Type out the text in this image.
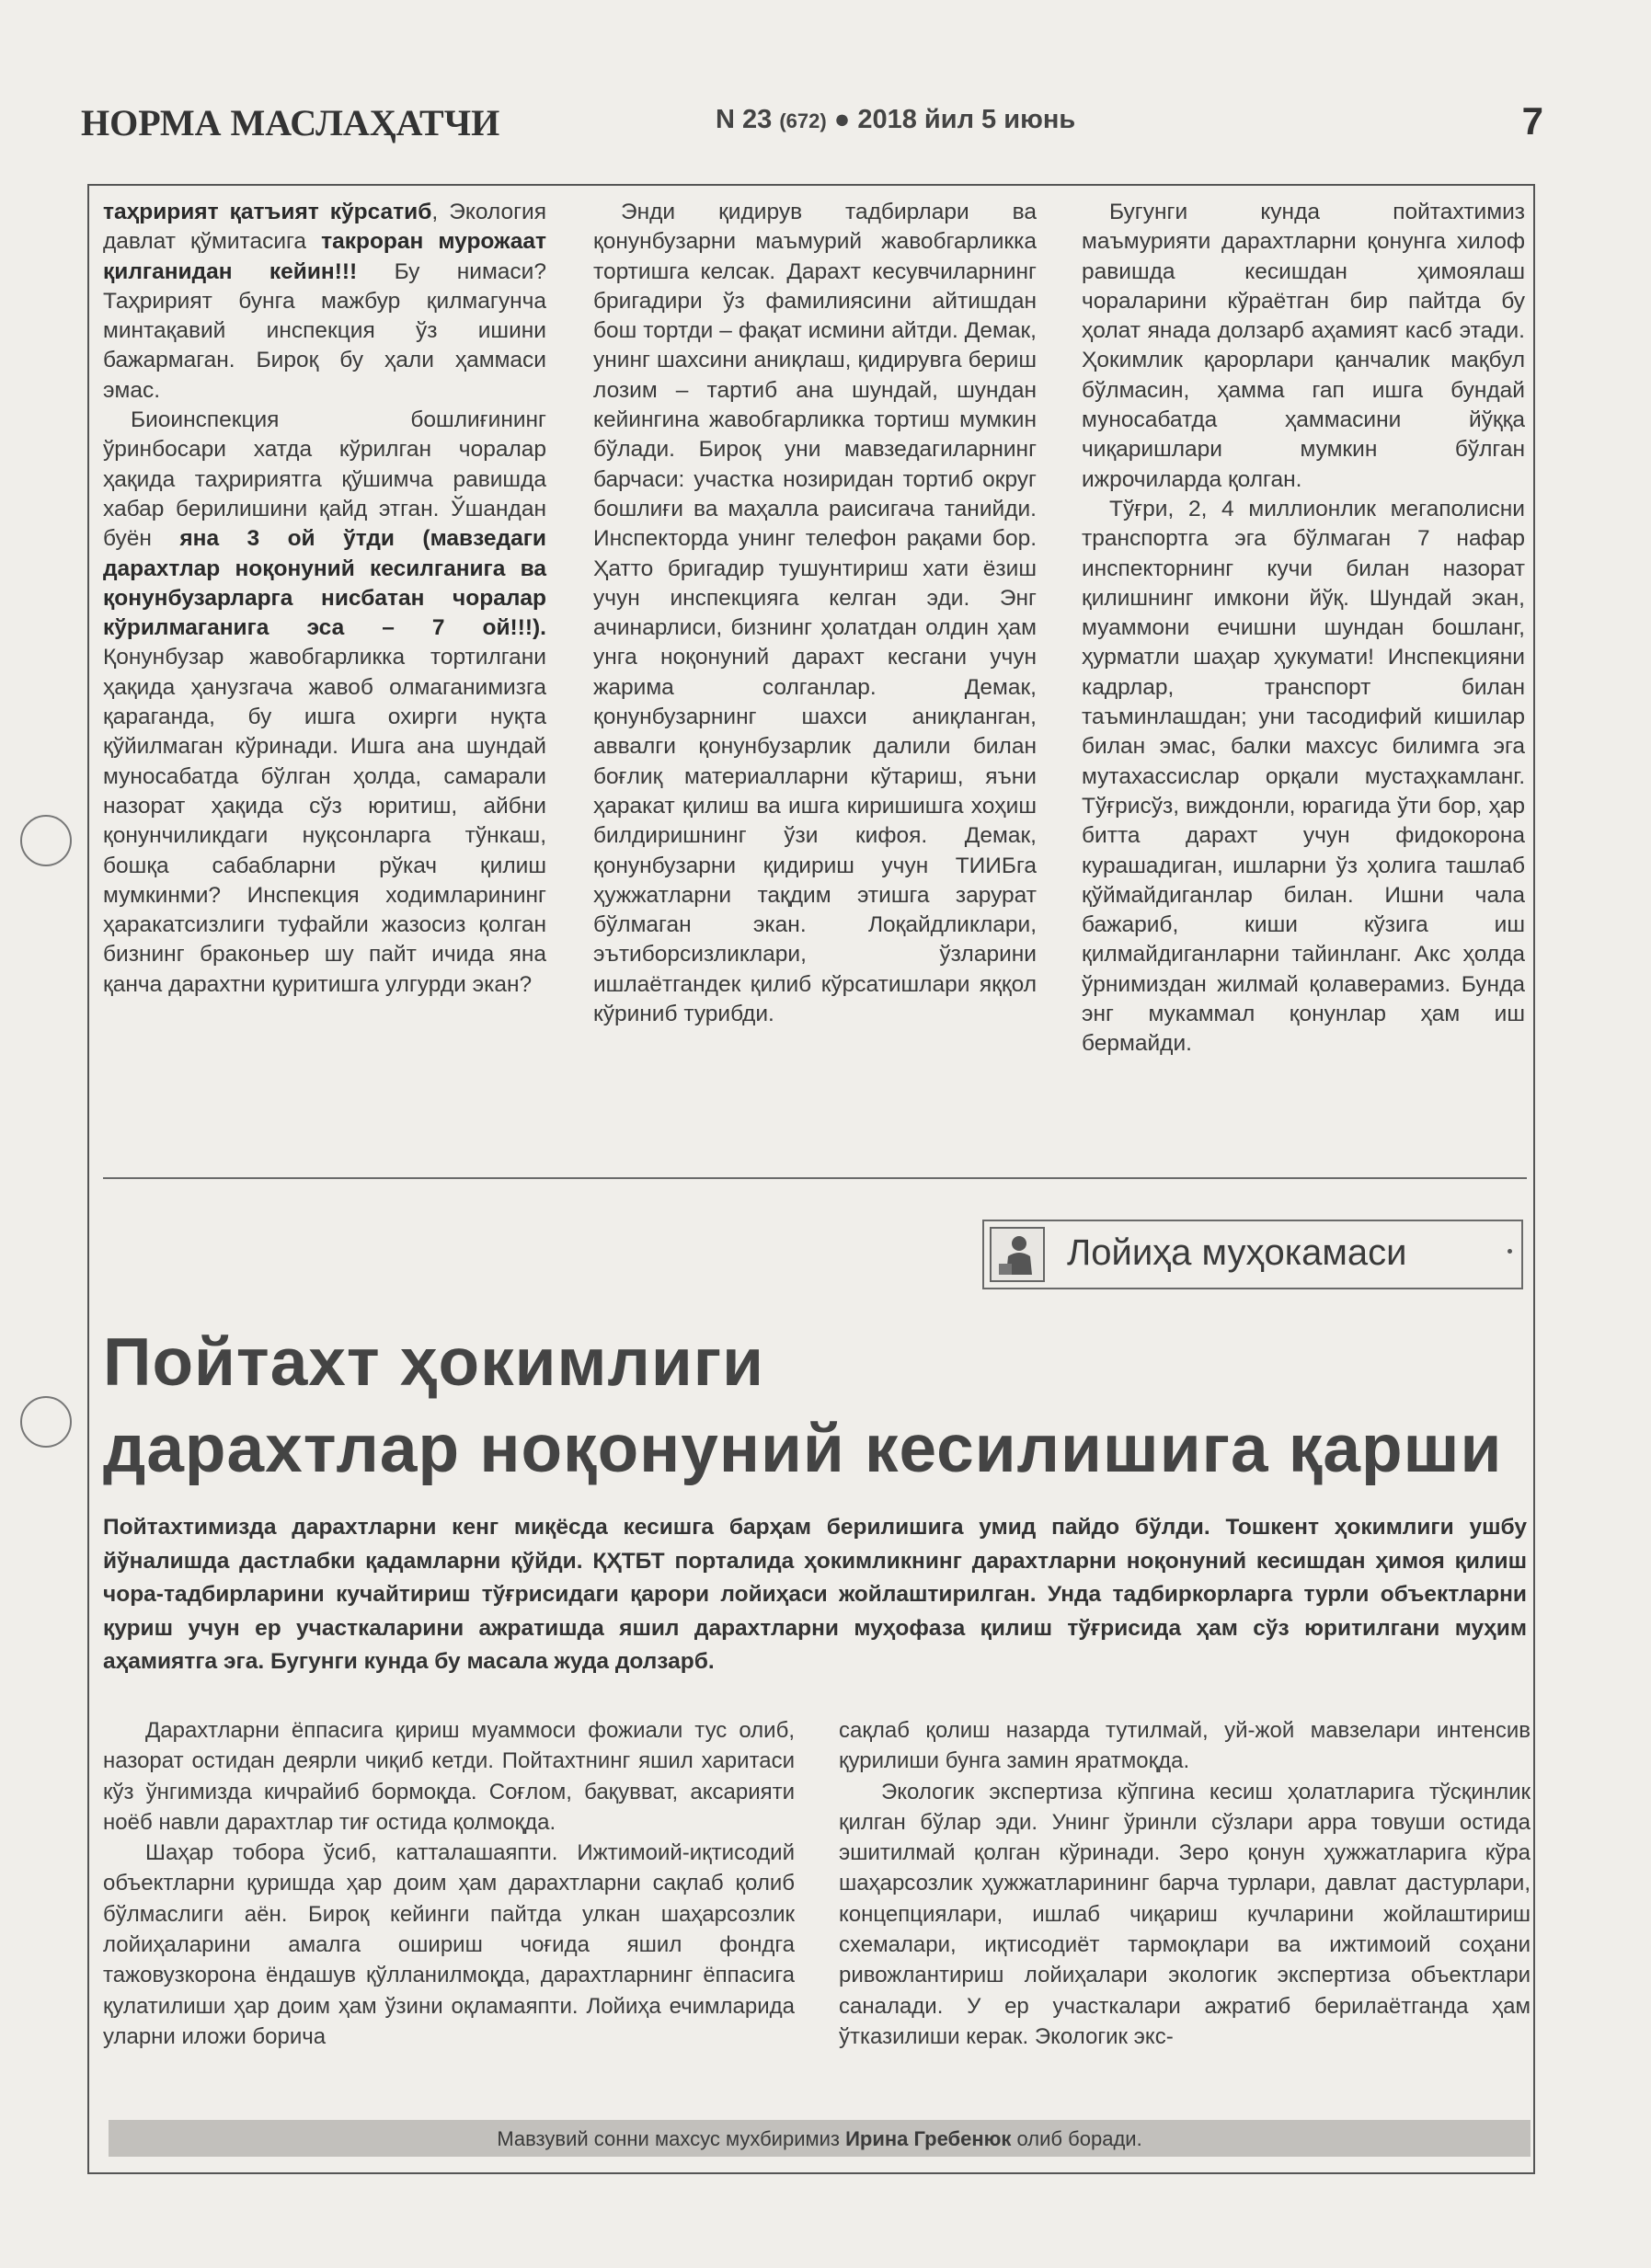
НОРМА МАСЛАҲАТЧИ	N 23 (672) ● 2018 йил 5 июнь	7

таҳририят қатъият кўрсатиб, Экология давлат қўмитасига такроран мурожаат қилганидан кейин!!! Бу нимаси? Таҳририят бунга мажбур қилмагунча минтақавий инспекция ўз ишини бажармаган. Бироқ бу ҳали ҳаммаси эмас.

Биоинспекция бошлиғининг ўринбосари хатда кўрилган чоралар ҳақида таҳририятга қўшимча равишда хабар берилишини қайд этган. Ўшандан буён яна 3 ой ўтди (мавзедаги дарахтлар ноқонуний кесилганига ва қонунбузарларга нисбатан чоралар кўрилмаганига эса – 7 ой!!!). Қонунбузар жавобгарликка тортилгани ҳақида ҳанузгача жавоб олмаганимизга қараганда, бу ишга охирги нуқта қўйилмаган кўринади. Ишга ана шундай муносабатда бўлган ҳолда, самарали назорат ҳақида сўз юритиш, айбни қонунчиликдаги нуқсонларга тўнкаш, бошқа сабабларни рўкач қилиш мумкинми? Инспекция ходимларининг ҳаракатсизлиги туфайли жазосиз қолган бизнинг браконьер шу пайт ичида яна қанча дарахтни қуритишга улгурди экан?

Энди қидирув тадбирлари ва қонунбузарни маъмурий жавобгарликка тортишга келсак. Дарахт кесувчиларнинг бригадири ўз фамилиясини айтишдан бош тортди – фақат исмини айтди. Демак, унинг шахсини аниқлаш, қидирувга бериш лозим – тартиб ана шундай, шундан кейингина жавобгарликка тортиш мумкин бўлади. Бироқ уни мавзедагиларнинг барчаси: участка нозиридан тортиб округ бошлиғи ва маҳалла раисигача танийди. Инспекторда унинг телефон рақами бор. Ҳатто бригадир тушунтириш хати ёзиш учун инспекцияга келган эди. Энг ачинарлиси, бизнинг ҳолатдан олдин ҳам унга ноқонуний дарахт кесгани учун жарима солганлар. Демак, қонунбузарнинг шахси аниқланган, аввалги қонунбузарлик далили билан боғлиқ материалларни кўтариш, яъни ҳаракат қилиш ва ишга киришишга хоҳиш билдиришнинг ўзи кифоя. Демак, қонунбузарни қидириш учун ТИИБга ҳужжатларни тақдим этишга зарурат бўлмаган экан. Лоқайдликлари, эътиборсизликлари, ўзларини ишлаётгандек қилиб кўрсатишлари яққол кўриниб турибди.

Бугунги кунда пойтахтимиз маъмурияти дарахтларни қонунга хилоф равишда кесишдан ҳимоялаш чораларини кўраётган бир пайтда бу ҳолат янада долзарб аҳамият касб этади. Ҳокимлик қарорлари қанчалик мақбул бўлмасин, ҳамма гап ишга бундай муносабатда ҳаммасини йўққа чиқаришлари мумкин бўлган ижрочиларда қолган.

Тўғри, 2, 4 миллионлик мегаполисни транспортга эга бўлмаган 7 нафар инспекторнинг кучи билан назорат қилишнинг имкони йўқ. Шундай экан, муаммони ечишни шундан бошланг, ҳурматли шаҳар ҳукумати! Инспекцияни кадрлар, транспорт билан таъминлашдан; уни тасодифий кишилар билан эмас, балки махсус билимга эга мутахассислар орқали мустаҳкамланг. Тўғрисўз, виждонли, юрагида ўти бор, ҳар битта дарахт учун фидокорона курашадиган, ишларни ўз ҳолига ташлаб қўймайдиганлар билан. Ишни чала бажариб, киши кўзига иш қилмайдиганларни тайинланг. Акс ҳолда ўрнимиздан жилмай қолаверамиз. Бунда энг мукаммал қонунлар ҳам иш бермайди.

Лойиҳа муҳокамаси
Пойтахт ҳокимлиги
дарахтлар ноқонуний кесилишига қарши
Пойтахтимизда дарахтларни кенг миқёсда кесишга барҳам берилишига умид пайдо бўлди. Тошкент ҳокимлиги ушбу йўналишда дастлабки қадамларни қўйди. ҚҲТБТ порталида ҳокимликнинг дарахтларни ноқонуний кесишдан ҳимоя қилиш чора-тадбирларини кучайтириш тўғрисидаги қарори лойиҳаси жойлаштирилган. Унда тадбиркорларга турли объектларни қуриш учун ер участкаларини ажратишда яшил дарахтларни муҳофаза қилиш тўғрисида ҳам сўз юритилгани муҳим аҳамиятга эга. Бугунги кунда бу масала жуда долзарб.

Дарахтларни ёппасига қириш муаммоси фожиали тус олиб, назорат остидан деярли чиқиб кетди. Пойтахтнинг яшил харитаси кўз ўнгимизда кичрайиб бормоқда. Соғлом, бақувват, аксарияти ноёб навли дарахтлар тиғ остида қолмоқда.

Шаҳар тобора ўсиб, катталашаяпти. Ижтимоий-иқтисодий объектларни қуришда ҳар доим ҳам дарахтларни сақлаб қолиб бўлмаслиги аён. Бироқ кейинги пайтда улкан шаҳарсозлик лойиҳаларини амалга ошириш чоғида яшил фондга тажовузкорона ёндашув қўлланилмоқда, дарахтларнинг ёппасига қулатилиши ҳар доим ҳам ўзини оқламаяпти. Лойиҳа ечимларида уларни иложи борича

сақлаб қолиш назарда тутилмай, уй-жой мавзелари интенсив қурилиши бунга замин яратмоқда.

Экологик экспертиза кўпгина кесиш ҳолатларига тўсқинлик қилган бўлар эди. Унинг ўринли сўзлари арра товуши остида эшитилмай қолган кўринади. Зеро қонун ҳужжатларига кўра шаҳарсозлик ҳужжатларининг барча турлари, давлат дастурлари, концепциялари, ишлаб чиқариш кучларини жойлаштириш схемалари, иқтисодиёт тармоқлари ва ижтимоий соҳани ривожлантириш лойиҳалари экологик экспертиза объектлари саналади. У ер участкалари ажратиб берилаётганда ҳам ўтказилиши керак. Экологик экс-

Мавзувий сонни махсус мухбиримиз Ирина Гребенюк олиб боради.
